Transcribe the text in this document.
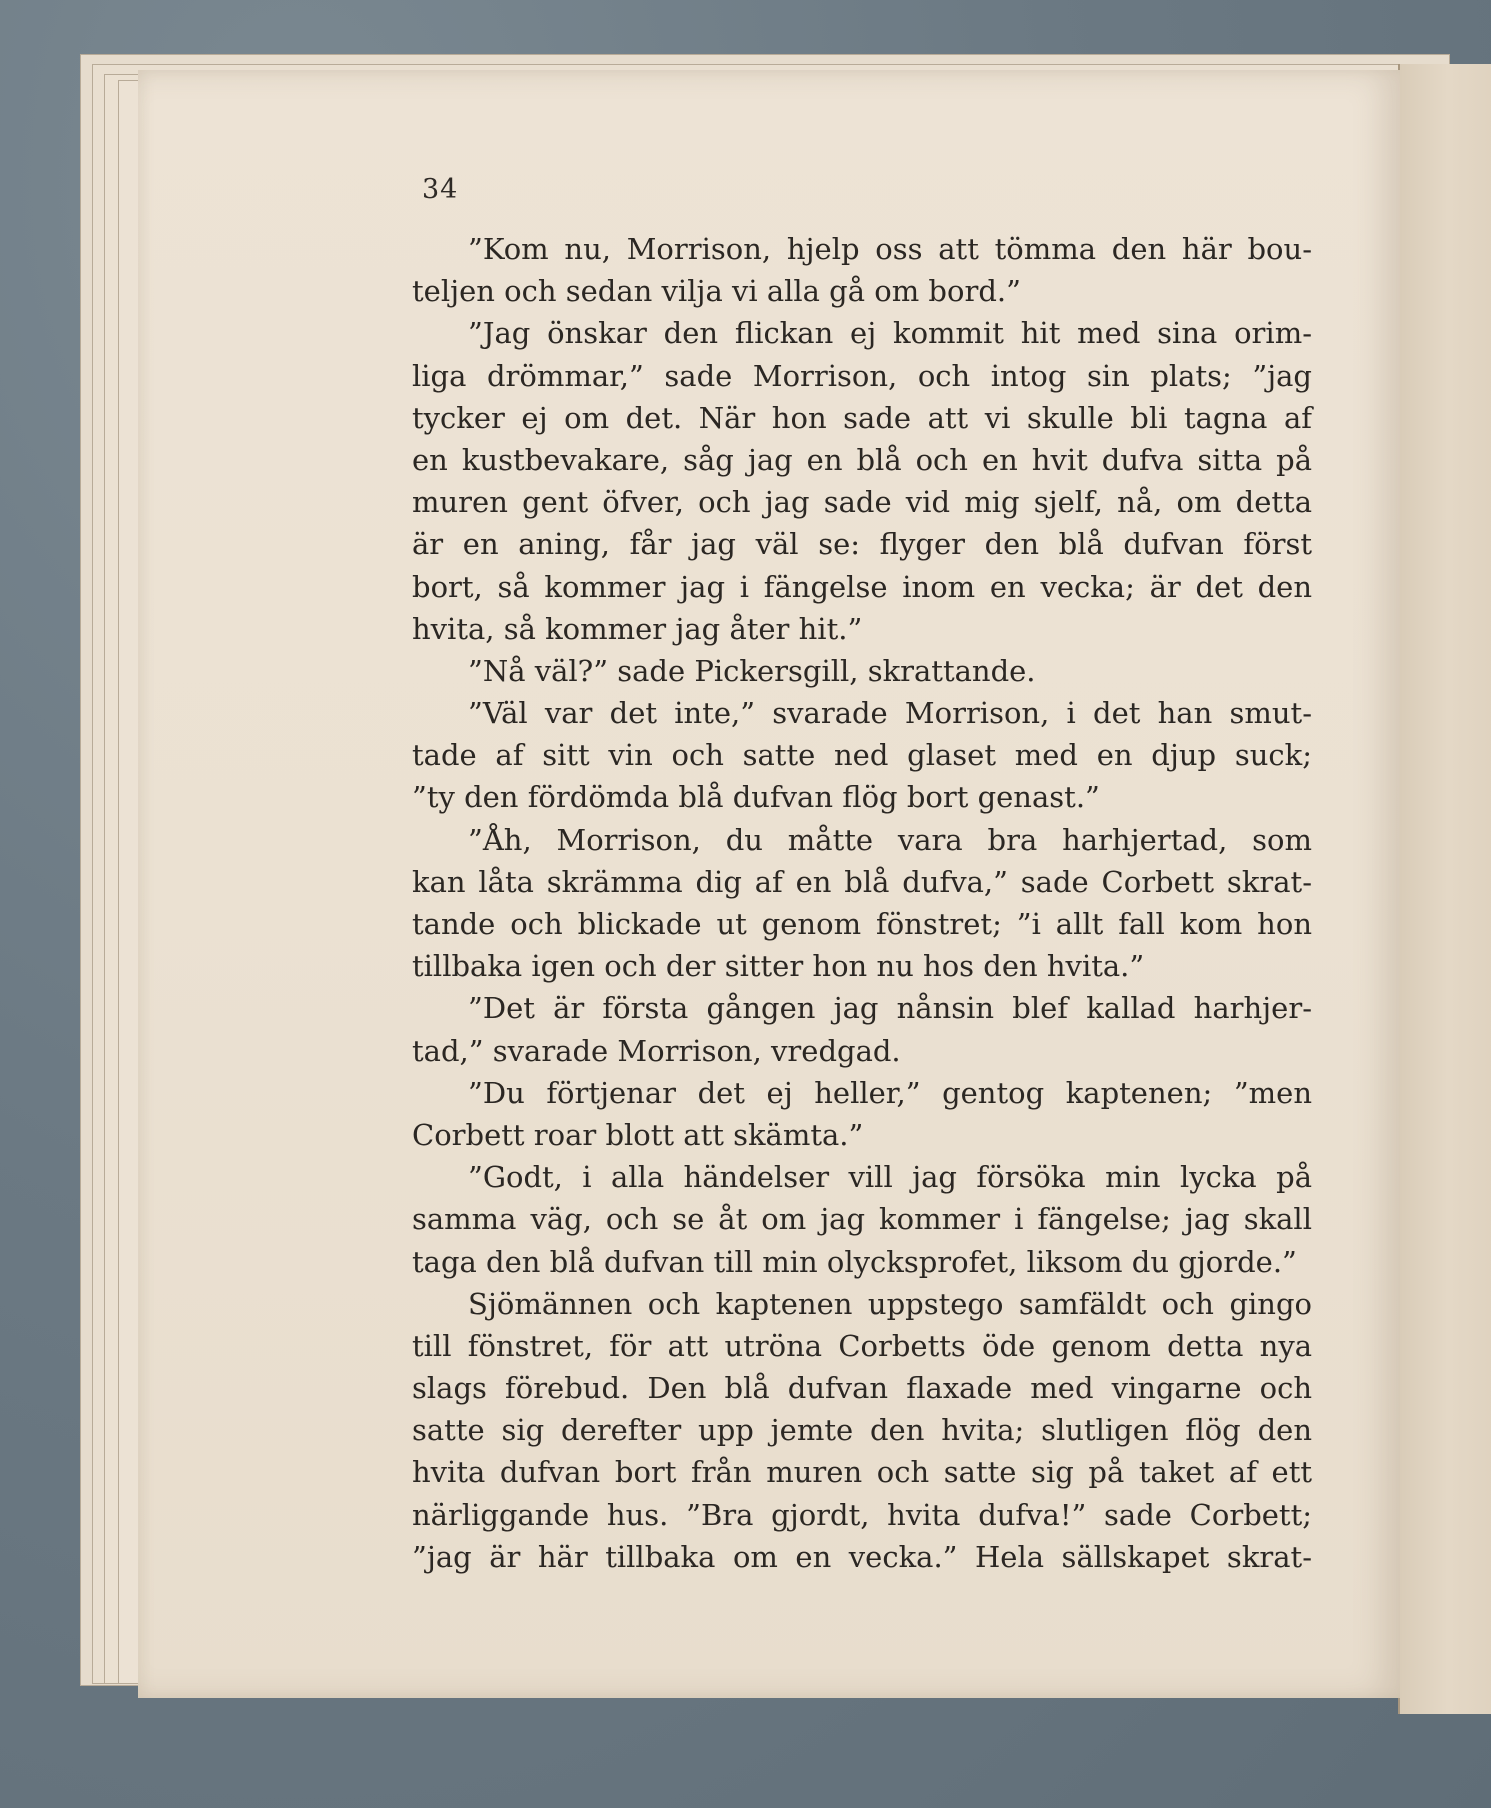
34
”Kom nu, Morrison, hjelp oss att tömma den här bou-
teljen och sedan vilja vi alla gå om bord.”
”Jag önskar den flickan ej kommit hit med sina orim-
liga drömmar,” sade Morrison, och intog sin plats; ”jag
tycker ej om det. När hon sade att vi skulle bli tagna af
en kustbevakare, såg jag en blå och en hvit dufva sitta på
muren gent öfver, och jag sade vid mig sjelf, nå, om detta
är en aning, får jag väl se: flyger den blå dufvan först
bort, så kommer jag i fängelse inom en vecka; är det den
hvita, så kommer jag åter hit.”
”Nå väl?” sade Pickersgill, skrattande.
”Väl var det inte,” svarade Morrison, i det han smut-
tade af sitt vin och satte ned glaset med en djup suck;
”ty den fördömda blå dufvan flög bort genast.”
”Åh, Morrison, du måtte vara bra harhjertad, som
kan låta skrämma dig af en blå dufva,” sade Corbett skrat-
tande och blickade ut genom fönstret; ”i allt fall kom hon
tillbaka igen och der sitter hon nu hos den hvita.”
”Det är första gången jag nånsin blef kallad harhjer-
tad,” svarade Morrison, vredgad.
”Du förtjenar det ej heller,” gentog kaptenen; ”men
Corbett roar blott att skämta.”
”Godt, i alla händelser vill jag försöka min lycka på
samma väg, och se åt om jag kommer i fängelse; jag skall
taga den blå dufvan till min olycksprofet, liksom du gjorde.”
Sjömännen och kaptenen uppstego samfäldt och gingo
till fönstret, för att utröna Corbetts öde genom detta nya
slags förebud. Den blå dufvan flaxade med vingarne och
satte sig derefter upp jemte den hvita; slutligen flög den
hvita dufvan bort från muren och satte sig på taket af ett
närliggande hus. ”Bra gjordt, hvita dufva!” sade Corbett;
”jag är här tillbaka om en vecka.” Hela sällskapet skrat-
